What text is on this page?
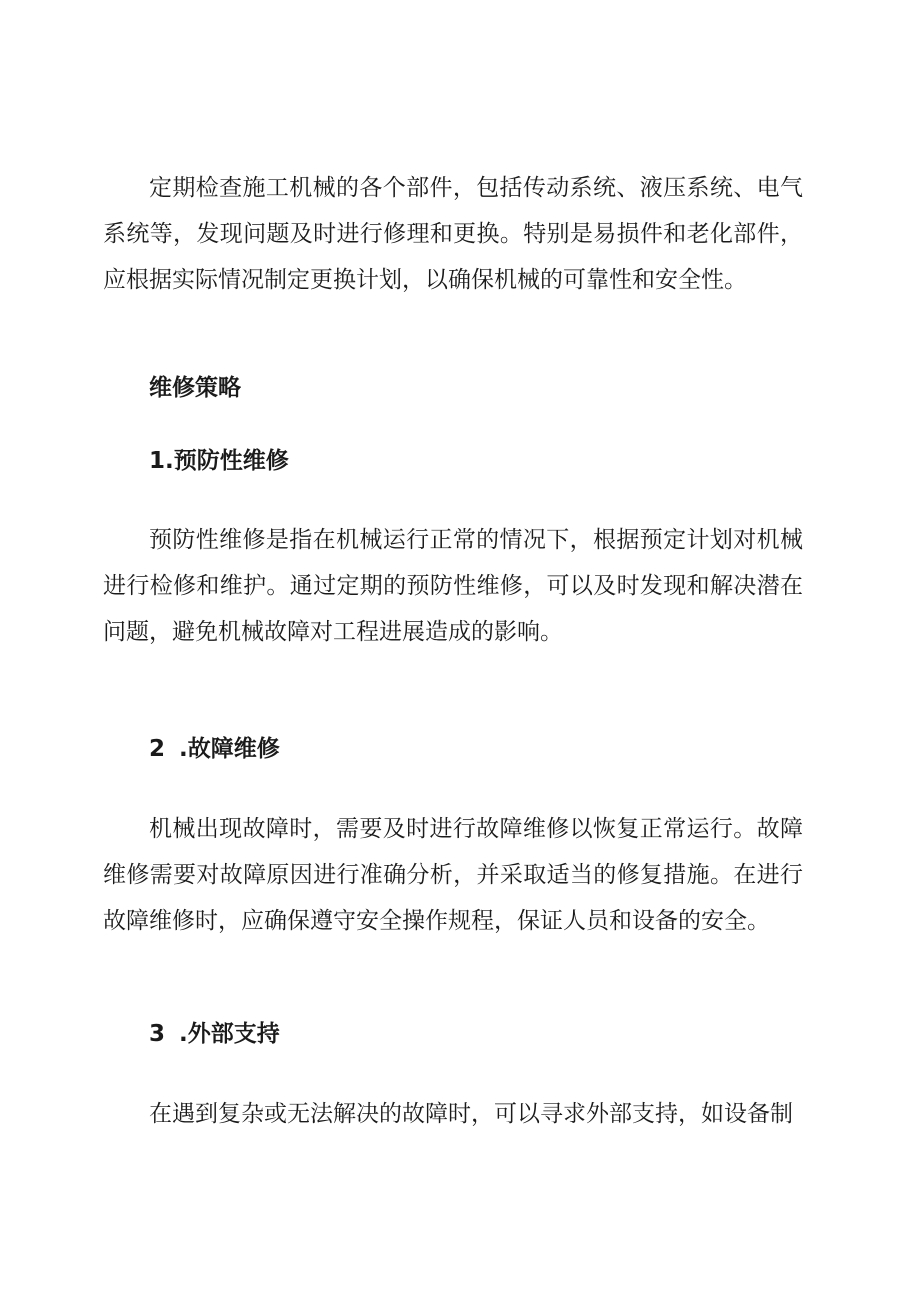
定期检查施工机械的各个部件，包括传动系统、液压系统、电气系统等，发现问题及时进行修理和更换。特别是易损件和老化部件，应根据实际情况制定更换计划，以确保机械的可靠性和安全性。

维修策略
1.预防性维修

预防性维修是指在机械运行正常的情况下，根据预定计划对机械进行检修和维护。通过定期的预防性维修，可以及时发现和解决潜在问题，避免机械故障对工程进展造成的影响。

2 .故障维修

机械出现故障时，需要及时进行故障维修以恢复正常运行。故障维修需要对故障原因进行准确分析，并采取适当的修复措施。在进行故障维修时，应确保遵守安全操作规程，保证人员和设备的安全。

3 .外部支持

在遇到复杂或无法解决的故障时，可以寻求外部支持，如设备制
